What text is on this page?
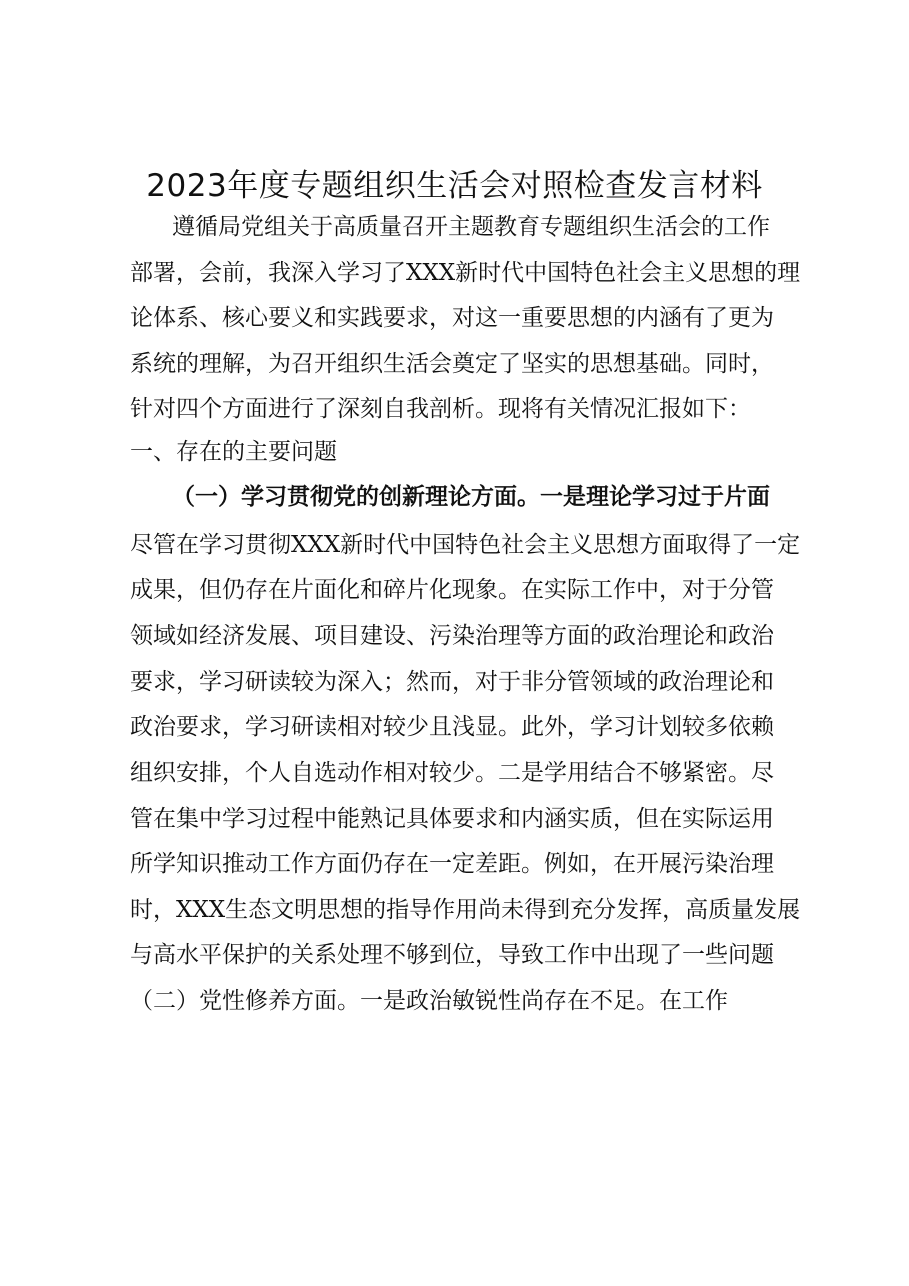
2023年度专题组织生活会对照检查发言材料
遵循局党组关于高质量召开主题教育专题组织生活会的工作
部署，会前，我深入学习了XXX新时代中国特色社会主义思想的理
论体系、核心要义和实践要求，对这一重要思想的内涵有了更为
系统的理解，为召开组织生活会奠定了坚实的思想基础。同时，
针对四个方面进行了深刻自我剖析。现将有关情况汇报如下：
一、存在的主要问题
（一）学习贯彻党的创新理论方面。一是理论学习过于片面
尽管在学习贯彻XXX新时代中国特色社会主义思想方面取得了一定
成果，但仍存在片面化和碎片化现象。在实际工作中，对于分管
领域如经济发展、项目建设、污染治理等方面的政治理论和政治
要求，学习研读较为深入；然而，对于非分管领域的政治理论和
政治要求，学习研读相对较少且浅显。此外，学习计划较多依赖
组织安排，个人自选动作相对较少。二是学用结合不够紧密。尽
管在集中学习过程中能熟记具体要求和内涵实质，但在实际运用
所学知识推动工作方面仍存在一定差距。例如，在开展污染治理
时，XXX生态文明思想的指导作用尚未得到充分发挥，高质量发展
与高水平保护的关系处理不够到位，导致工作中出现了一些问题
（二）党性修养方面。一是政治敏锐性尚存在不足。在工作
